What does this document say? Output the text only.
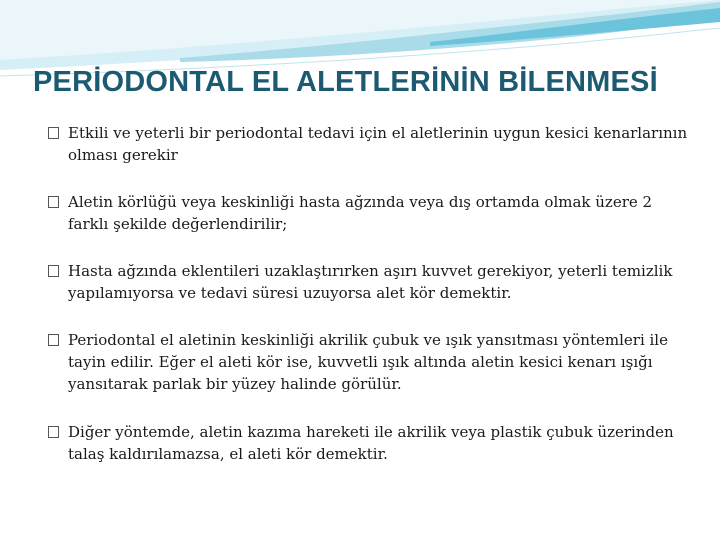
PERİODONTAL EL ALETLERİNİN BİLENMESİ
Etkili ve yeterli bir periodontal tedavi için el aletlerinin uygun kesici kenarlarının olması gerekir
Aletin körlüğü veya keskinliği hasta ağzında veya dış ortamda olmak üzere 2 farklı şekilde değerlendirilir;
Hasta ağzında eklentileri uzaklaştırırken aşırı kuvvet gerekiyor, yeterli temizlik yapılamıyorsa ve tedavi süresi uzuyorsa alet kör demektir.
Periodontal el aletinin keskinliği akrilik çubuk ve ışık yansıtması yöntemleri ile tayin edilir. Eğer el aleti kör ise, kuvvetli ışık altında aletin kesici kenarı ışığı yansıtarak parlak bir yüzey halinde görülür.
Diğer yöntemde, aletin kazıma hareketi ile akrilik veya plastik çubuk üzerinden talaş kaldırılamazsa, el aleti kör demektir.
